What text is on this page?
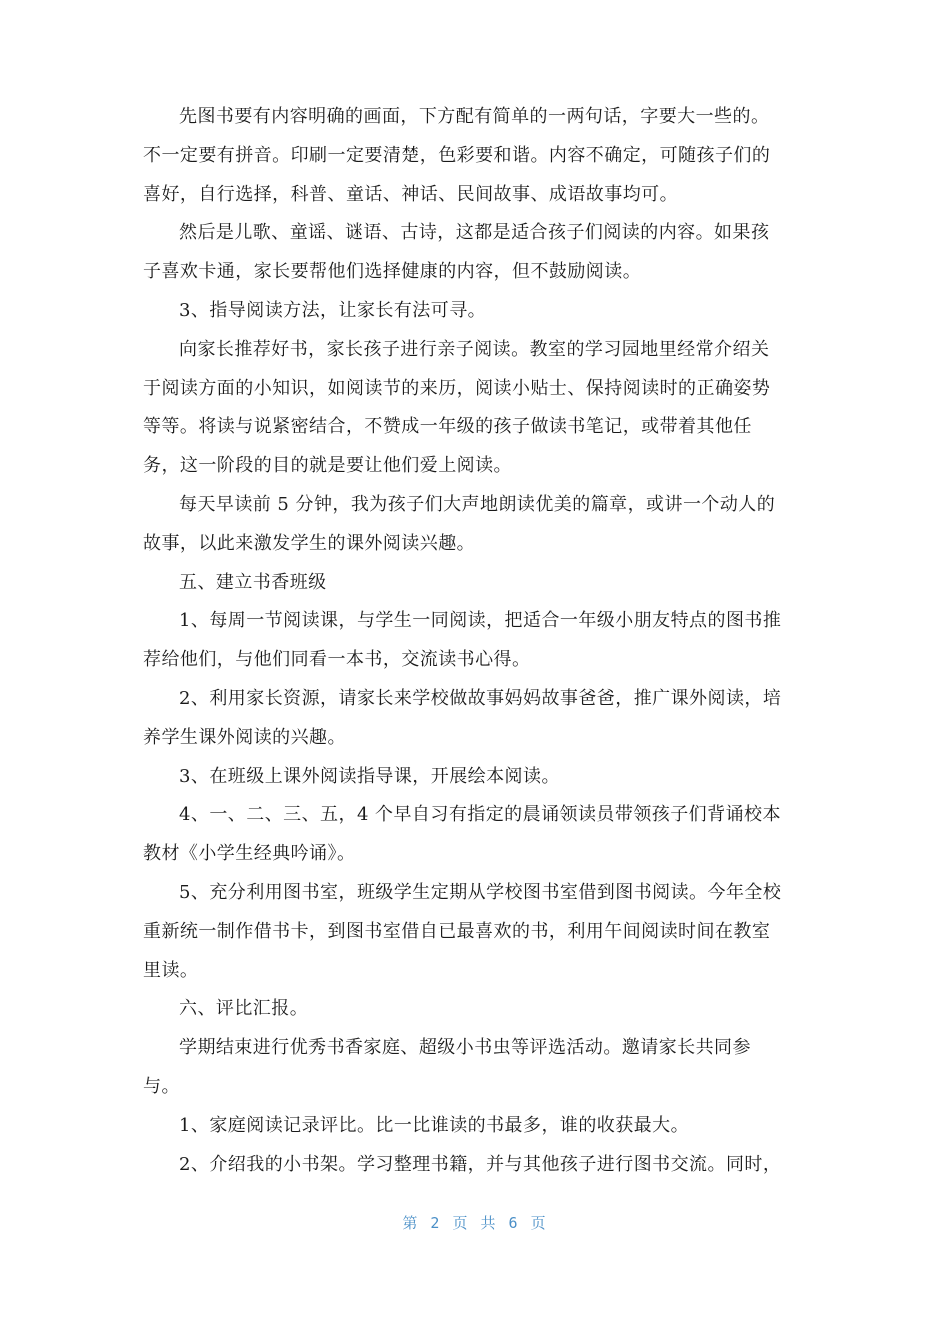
先图书要有内容明确的画面，下方配有简单的一两句话，字要大一些的。
不一定要有拼音。印刷一定要清楚，色彩要和谐。内容不确定，可随孩子们的
喜好，自行选择，科普、童话、神话、民间故事、成语故事均可。
然后是儿歌、童谣、谜语、古诗，这都是适合孩子们阅读的内容。如果孩
子喜欢卡通，家长要帮他们选择健康的内容，但不鼓励阅读。
3、指导阅读方法，让家长有法可寻。
向家长推荐好书，家长孩子进行亲子阅读。教室的学习园地里经常介绍关
于阅读方面的小知识，如阅读节的来历，阅读小贴士、保持阅读时的正确姿势
等等。将读与说紧密结合，不赞成一年级的孩子做读书笔记，或带着其他任
务，这一阶段的目的就是要让他们爱上阅读。
每天早读前 5 分钟，我为孩子们大声地朗读优美的篇章，或讲一个动人的
故事，以此来激发学生的课外阅读兴趣。
五、建立书香班级
1、每周一节阅读课，与学生一同阅读，把适合一年级小朋友特点的图书推
荐给他们，与他们同看一本书，交流读书心得。
2、利用家长资源，请家长来学校做故事妈妈故事爸爸，推广课外阅读，培
养学生课外阅读的兴趣。
3、在班级上课外阅读指导课，开展绘本阅读。
4、一、二、三、五，4 个早自习有指定的晨诵领读员带领孩子们背诵校本
教材《小学生经典吟诵》。
5、充分利用图书室，班级学生定期从学校图书室借到图书阅读。今年全校
重新统一制作借书卡，到图书室借自已最喜欢的书，利用午间阅读时间在教室
里读。
六、评比汇报。
学期结束进行优秀书香家庭、超级小书虫等评选活动。邀请家长共同参
与。
1、家庭阅读记录评比。比一比谁读的书最多，谁的收获最大。
2、介绍我的小书架。学习整理书籍，并与其他孩子进行图书交流。同时，
第 2 页 共 6 页
